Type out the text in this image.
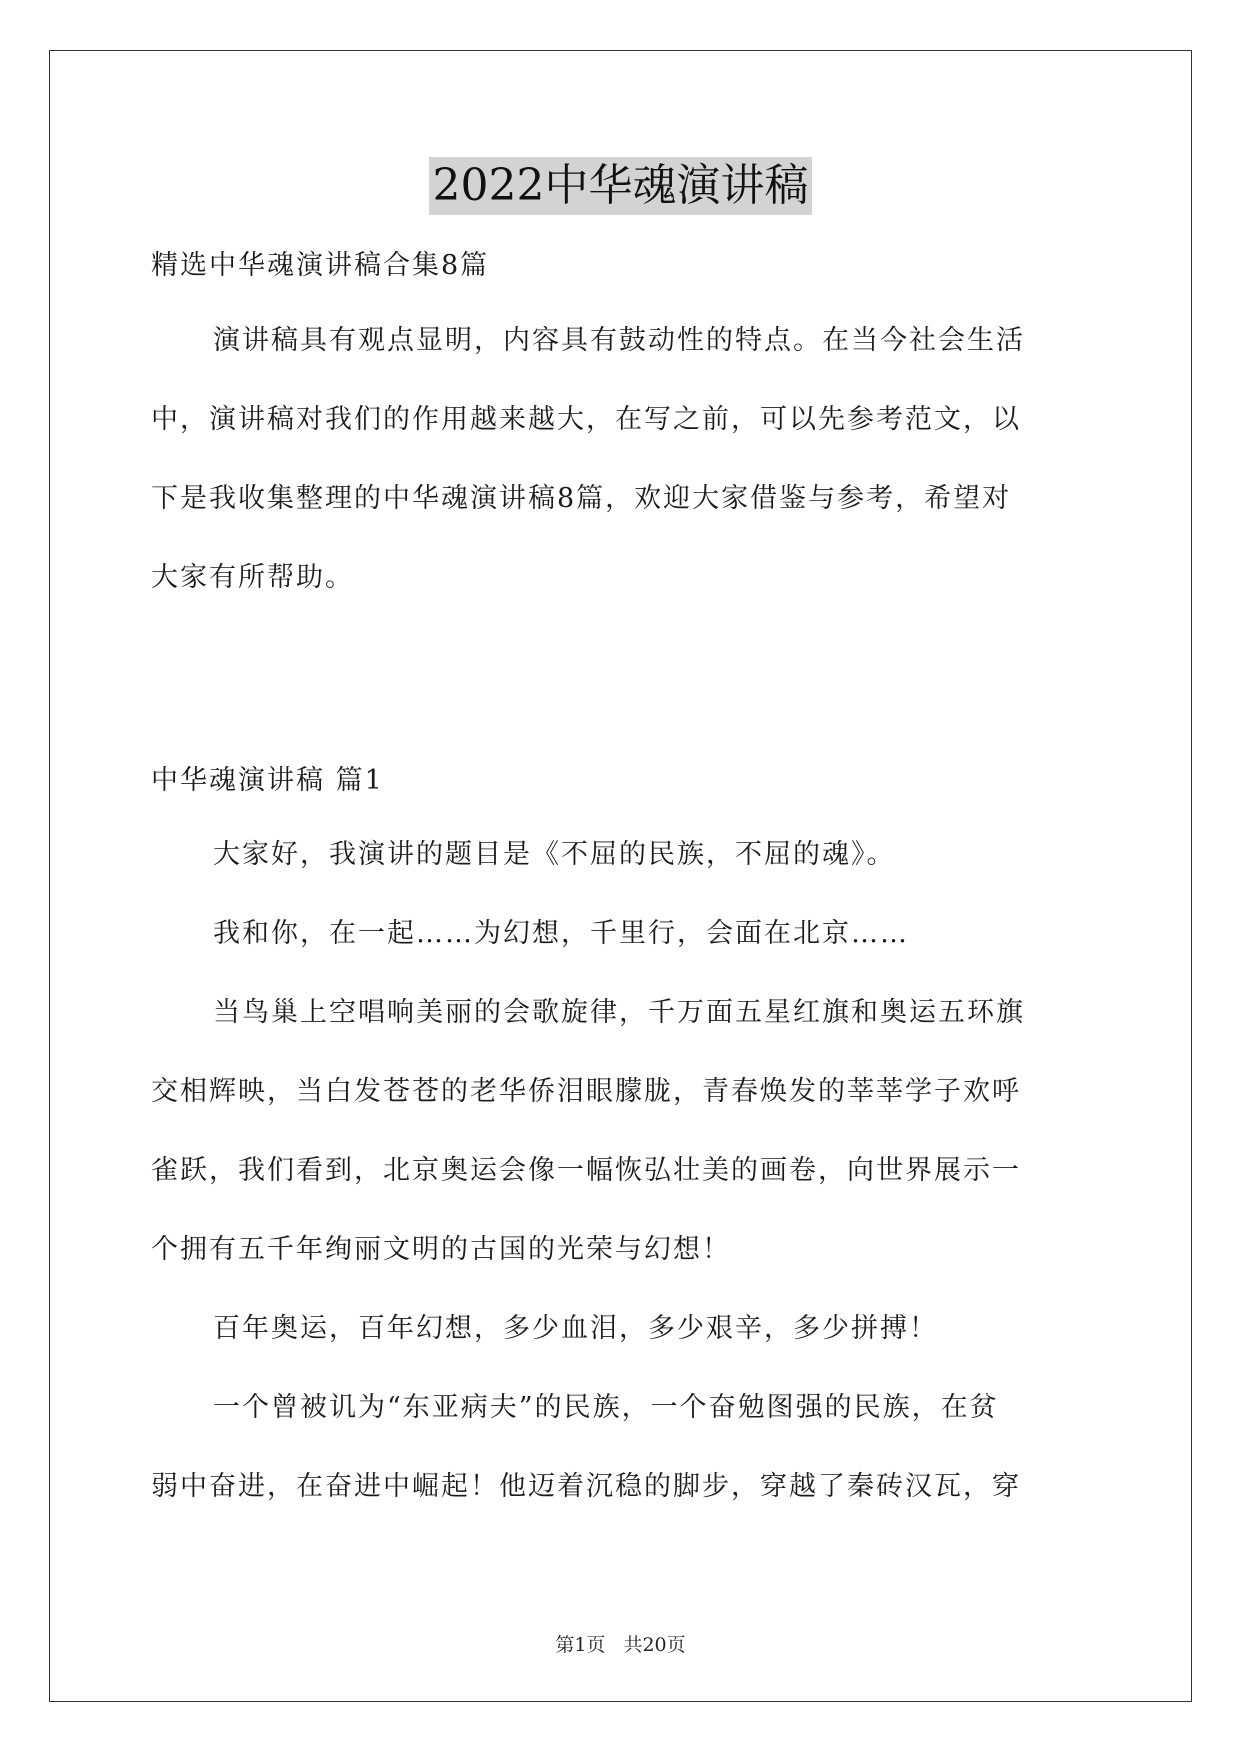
2022中华魂演讲稿
精选中华魂演讲稿合集8篇
演讲稿具有观点显明，内容具有鼓动性的特点。在当今社会生活
中，演讲稿对我们的作用越来越大，在写之前，可以先参考范文，以
下是我收集整理的中华魂演讲稿8篇，欢迎大家借鉴与参考，希望对
大家有所帮助。
中华魂演讲稿 篇1
大家好，我演讲的题目是《不屈的民族，不屈的魂》。
我和你，在一起……为幻想，千里行，会面在北京……
当鸟巢上空唱响美丽的会歌旋律，千万面五星红旗和奥运五环旗
交相辉映，当白发苍苍的老华侨泪眼朦胧，青春焕发的莘莘学子欢呼
雀跃，我们看到，北京奥运会像一幅恢弘壮美的画卷，向世界展示一
个拥有五千年绚丽文明的古国的光荣与幻想！
百年奥运，百年幻想，多少血泪，多少艰辛，多少拼搏！
一个曾被讥为“东亚病夫”的民族，一个奋勉图强的民族，在贫
弱中奋进，在奋进中崛起！他迈着沉稳的脚步，穿越了秦砖汉瓦，穿
第1页 共20页
